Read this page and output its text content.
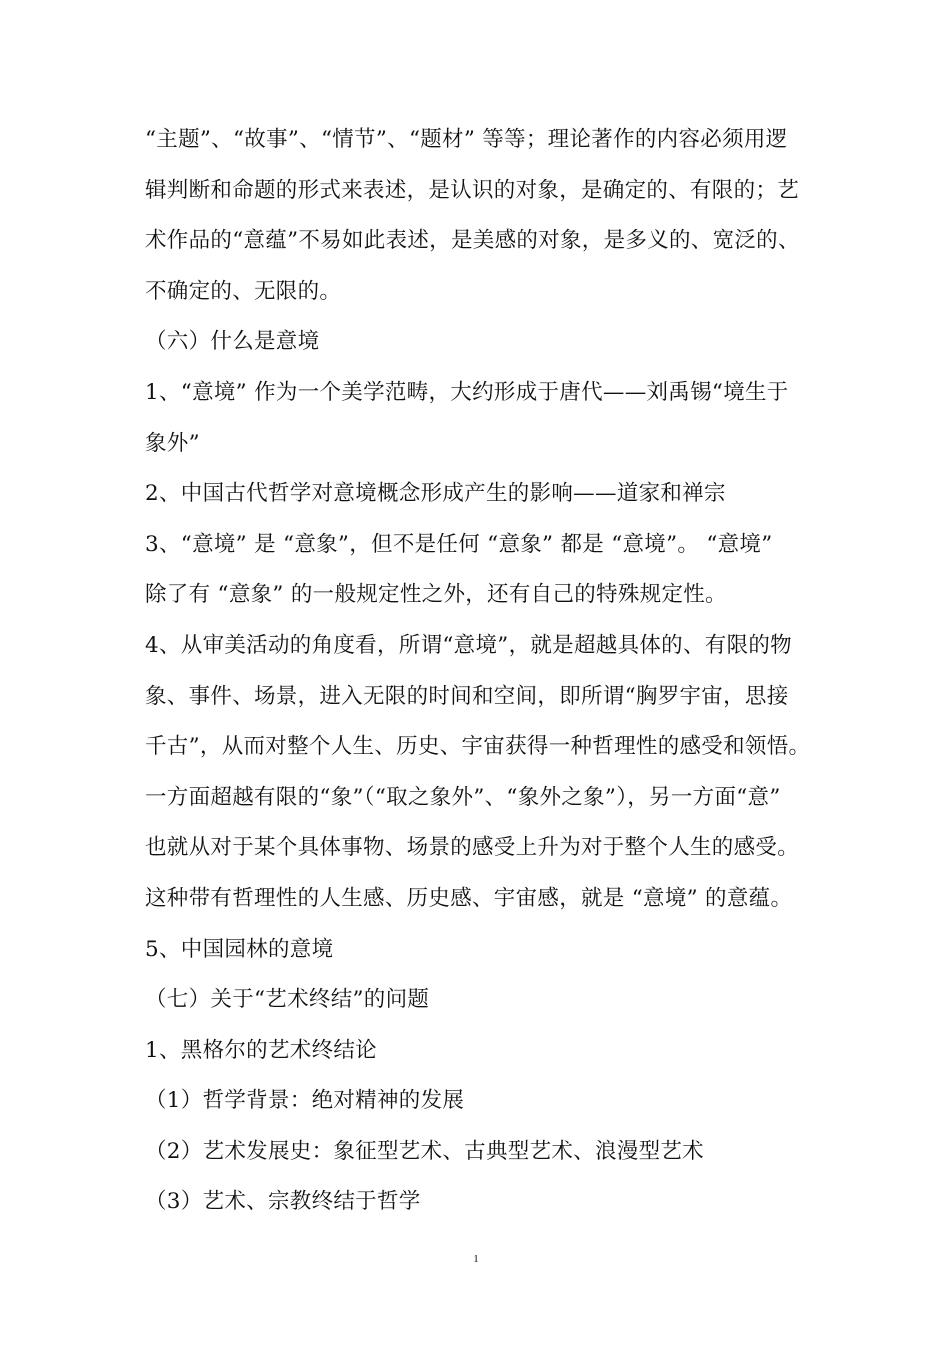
“主题”、“故事”、“情节”、“题材” 等等；理论著作的内容必须用逻
辑判断和命题的形式来表述，是认识的对象，是确定的、有限的；艺
术作品的“意蕴”不易如此表述，是美感的对象，是多义的、宽泛的、
不确定的、无限的。
（六）什么是意境
1、“意境” 作为一个美学范畴，大约形成于唐代——刘禹锡“境生于
象外”
2、中国古代哲学对意境概念形成产生的影响——道家和禅宗
3、“意境” 是 “意象”，但不是任何 “意象” 都是 “意境”。 “意境”
除了有 “意象” 的一般规定性之外，还有自己的特殊规定性。
4、从审美活动的角度看，所谓“意境”，就是超越具体的、有限的物
象、事件、场景，进入无限的时间和空间，即所谓“胸罗宇宙，思接
千古”，从而对整个人生、历史、宇宙获得一种哲理性的感受和领悟。
一方面超越有限的“象”（“取之象外”、“象外之象”），另一方面“意”
也就从对于某个具体事物、场景的感受上升为对于整个人生的感受。
这种带有哲理性的人生感、历史感、宇宙感，就是 “意境” 的意蕴。
5、中国园林的意境
（七）关于“艺术终结”的问题
1、黑格尔的艺术终结论
（1）哲学背景：绝对精神的发展
（2）艺术发展史：象征型艺术、古典型艺术、浪漫型艺术
（3）艺术、宗教终结于哲学
1
